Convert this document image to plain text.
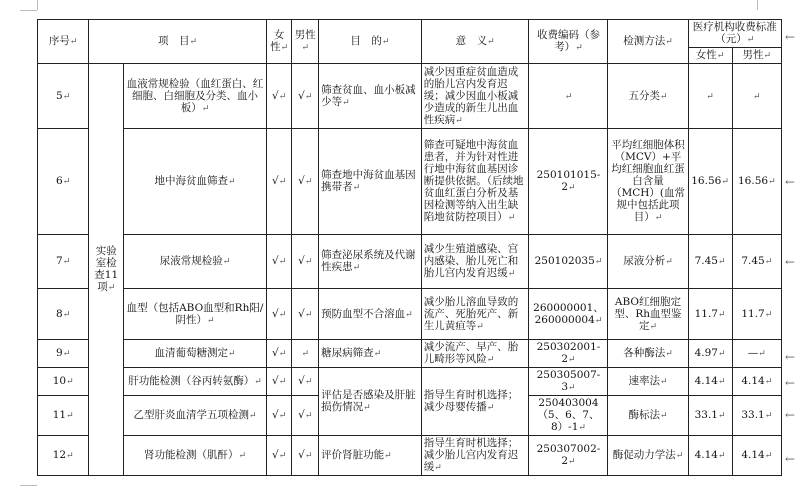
序号↵	项　目↵		女性↵	男性↵	目　的↵	意　义↵	收费编码（参考）↵	检测方法↵	医疗机构收费标准（元）↵	
									女性↵	男性↵
5↵	实验室检查11项↵	血液常规检验（血红蛋白、红细胞、白细胞及分类、血小板）↵	√↵	√↵	筛查贫血、血小板减少等↵	减少因重症贫血造成的胎儿宫内发育迟缓；减少因血小板减少造成的新生儿出血性疾病↵	↵	五分类↵	↵	↵
6↵		地中海贫血筛查↵	√↵	√↵	筛查地中海贫血基因携带者↵	筛查可疑地中海贫血患者，并为针对性进行地中海贫血基因诊断提供依据。（后续地贫血红蛋白分析及基因检测等纳入出生缺陷地贫防控项目）↵	250101015-2↵	平均红细胞体积（MCV）+平均红细胞血红蛋白含量（MCH）(血常规中包括此项目）↵	16.56↵	16.56↵
7↵		尿液常规检验↵	√↵	√↵	筛查泌尿系统及代谢性疾患↵	减少生殖道感染、宫内感染、胎儿死亡和胎儿宫内发育迟缓↵	250102035↵	尿液分析↵	7.45↵	7.45↵
8↵		血型（包括ABO血型和Rh阳/阴性）↵	√↵	√↵	预防血型不合溶血↵	减少胎儿溶血导致的流产、死胎死产、新生儿黄疸等↵	260000001、260000004↵	ABO红细胞定型、Rh血型鉴定↵	11.7↵	11.7↵
9↵		血清葡萄糖测定↵	√↵	↵	糖尿病筛查↵	减少流产、早产、胎儿畸形等风险↵	250302001-2↵	各种酶法↵	4.97↵	—↵
10↵		肝功能检测（谷丙转氨酶）↵	√↵	√↵	评估是否感染及肝脏损伤情况↵	指导生育时机选择；减少母婴传播↵	250305007-3↵	速率法↵	4.14↵	4.14↵
11↵		乙型肝炎血清学五项检测↵	√↵	√↵			250403004（5、6、7、8）-1↵	酶标法↵	33.1↵	33.1↵
12↵		肾功能检测（肌酐）↵	√↵	√↵	评价肾脏功能↵	指导生育时机选择；减少胎儿宫内发育迟缓↵	250307002-2↵	酶促动力学法↵	4.14↵	4.14↵
←
←
←
←
←
←
←
